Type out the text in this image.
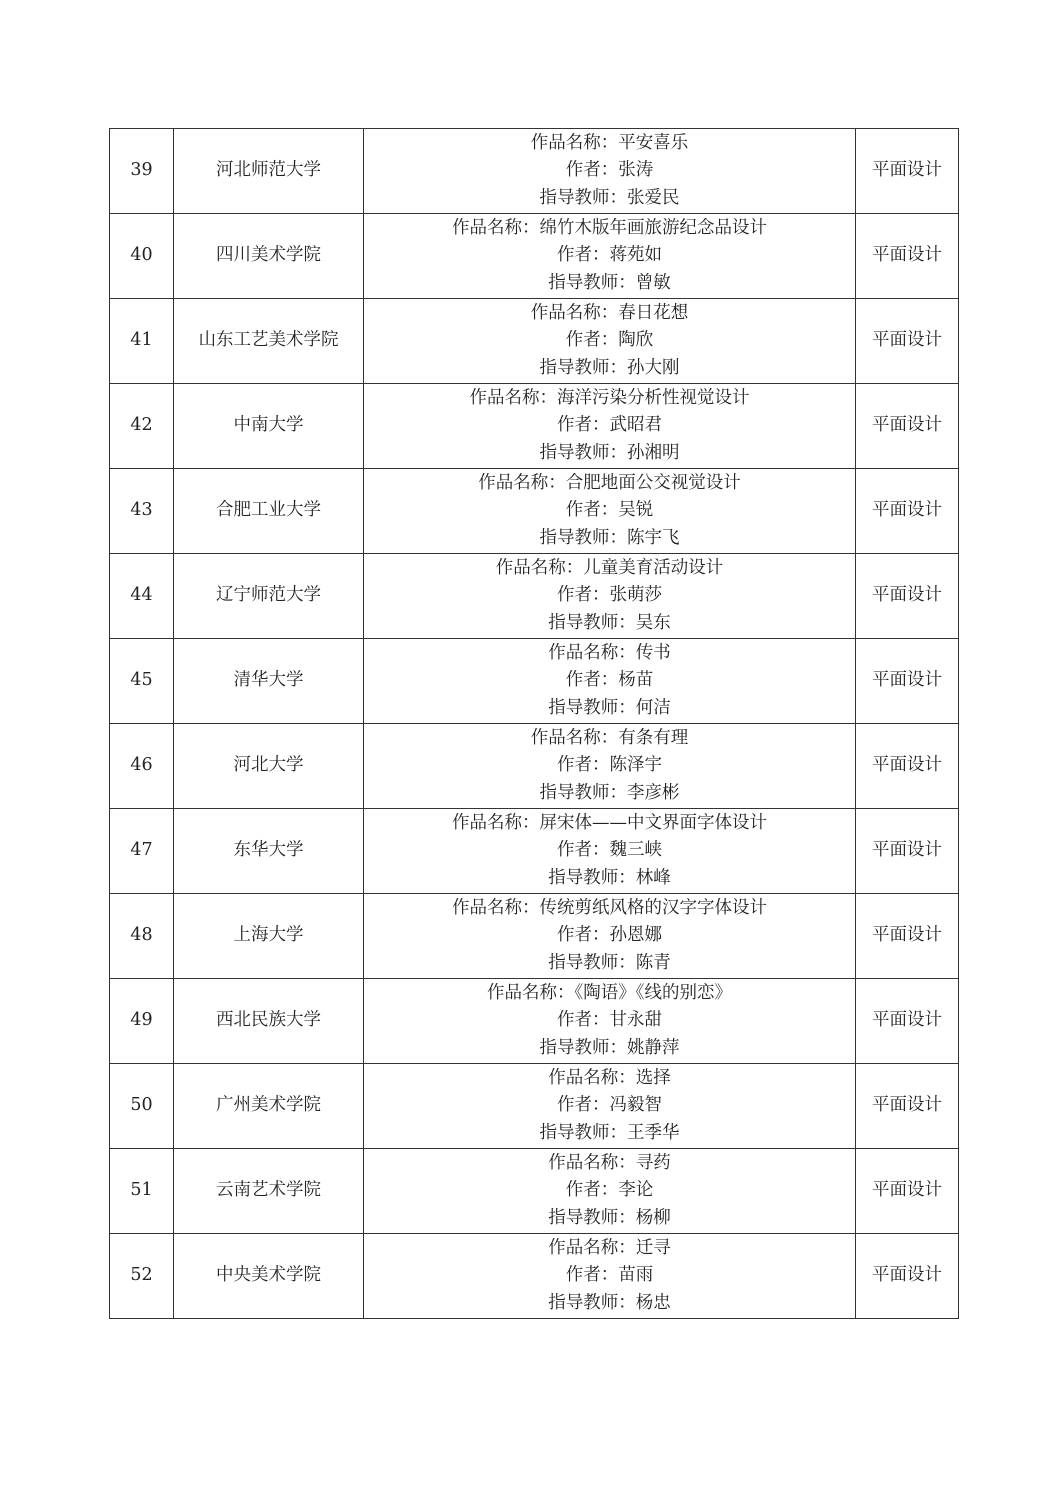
39	河北师范大学	作品名称：平安喜乐
作者：张涛
指导教师：张爱民	平面设计
40	四川美术学院	作品名称：绵竹木版年画旅游纪念品设计
作者：蒋苑如
指导教师：曾敏	平面设计
41	山东工艺美术学院	作品名称：春日花想
作者：陶欣
指导教师：孙大刚	平面设计
42	中南大学	作品名称：海洋污染分析性视觉设计
作者：武昭君
指导教师：孙湘明	平面设计
43	合肥工业大学	作品名称：合肥地面公交视觉设计
作者：吴锐
指导教师：陈宇飞	平面设计
44	辽宁师范大学	作品名称：儿童美育活动设计
作者：张萌莎
指导教师：吴东	平面设计
45	清华大学	作品名称：传书
作者：杨苗
指导教师：何洁	平面设计
46	河北大学	作品名称：有条有理
作者：陈泽宇
指导教师：李彦彬	平面设计
47	东华大学	作品名称：屏宋体——中文界面字体设计
作者：魏三峡
指导教师：林峰	平面设计
48	上海大学	作品名称：传统剪纸风格的汉字字体设计
作者：孙恩娜
指导教师：陈青	平面设计
49	西北民族大学	作品名称：《陶语》《线的别恋》
作者：甘永甜
指导教师：姚静萍	平面设计
50	广州美术学院	作品名称：选择
作者：冯毅智
指导教师：王季华	平面设计
51	云南艺术学院	作品名称：寻药
作者：李论
指导教师：杨柳	平面设计
52	中央美术学院	作品名称：迁寻
作者：苗雨
指导教师：杨忠	平面设计
